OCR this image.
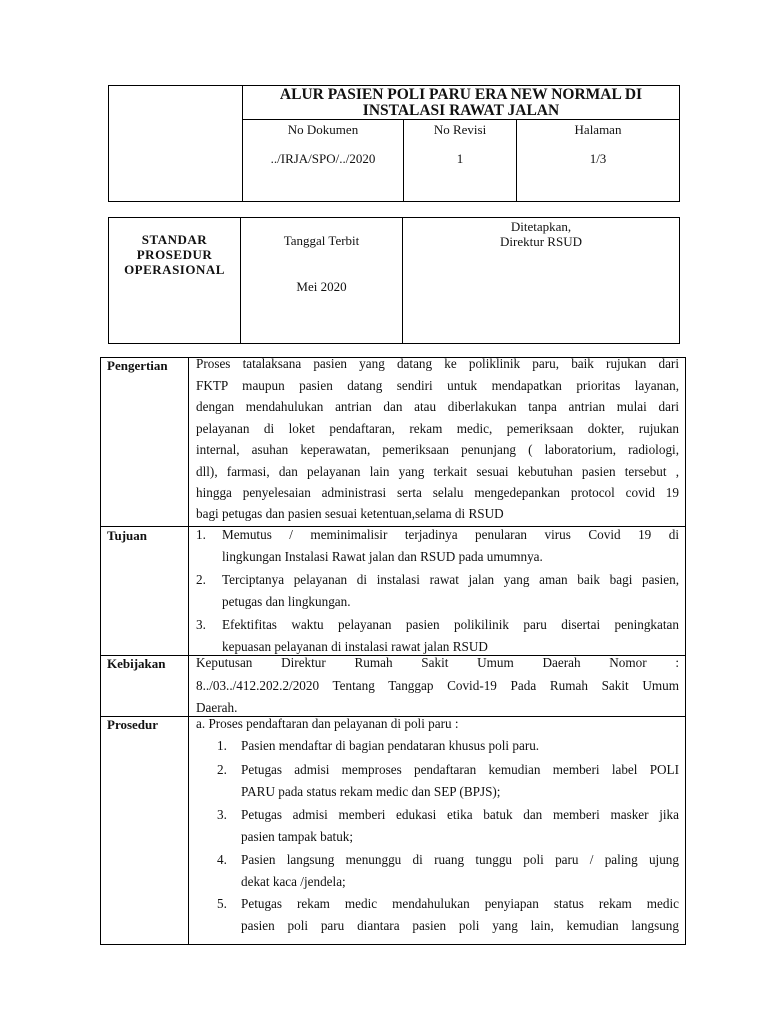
ALUR PASIEN POLI PARU ERA NEW NORMAL DI
INSTALASI RAWAT JALAN
No Dokumen
../IRJA/SPO/../2020
No Revisi
1
Halaman
1/3
STANDAR
PROSEDUR
OPERASIONAL
Tanggal Terbit
Mei 2020
Ditetapkan,
Direktur RSUD
Pengertian Proses tatalaksana pasien yang datang ke poliklinik paru, baik rujukan dari

FKTP maupun pasien datang sendiri untuk mendapatkan prioritas layanan,

dengan mendahulukan antrian dan atau diberlakukan tanpa antrian mulai dari

pelayanan di loket pendaftaran, rekam medic, pemeriksaan dokter, rujukan

internal, asuhan keperawatan, pemeriksaan penunjang ( laboratorium, radiologi,

dll), farmasi, dan pelayanan lain yang terkait sesuai kebutuhan pasien tersebut ,

hingga penyelesaian administrasi serta selalu mengedepankan protocol covid 19

bagi petugas dan pasien sesuai ketentuan,selama di RSUD

Tujuan	1. Memutus / meminimalisir terjadinya penularan virus Covid 19 di
lingkungan Instalasi Rawat jalan dan RSUD pada umumnya.
2. Terciptanya pelayanan di instalasi rawat jalan yang aman baik bagi pasien,
petugas dan lingkungan.
3. Efektifitas waktu pelayanan pasien polikilinik paru disertai peningkatan
kepuasan pelayanan di instalasi rawat jalan RSUD
Kebijakan Keputusan Direktur Rumah Sakit Umum Daerah Nomor :
8../03../412.202.2/2020 Tentang Tanggap Covid-19 Pada Rumah Sakit Umum
Daerah.
Prosedur	a. Proses pendaftaran dan pelayanan di poli paru :
1. Pasien mendaftar di bagian pendataran khusus poli paru.
2. Petugas admisi memproses pendaftaran kemudian memberi label POLI
PARU pada status rekam medic dan SEP (BPJS);
3. Petugas admisi memberi edukasi etika batuk dan memberi masker jika
pasien tampak batuk;
4. Pasien langsung menunggu di ruang tunggu poli paru / paling ujung
dekat kaca /jendela;
5. Petugas rekam medic mendahulukan penyiapan status rekam medic
pasien poli paru diantara pasien poli yang lain, kemudian langsung
